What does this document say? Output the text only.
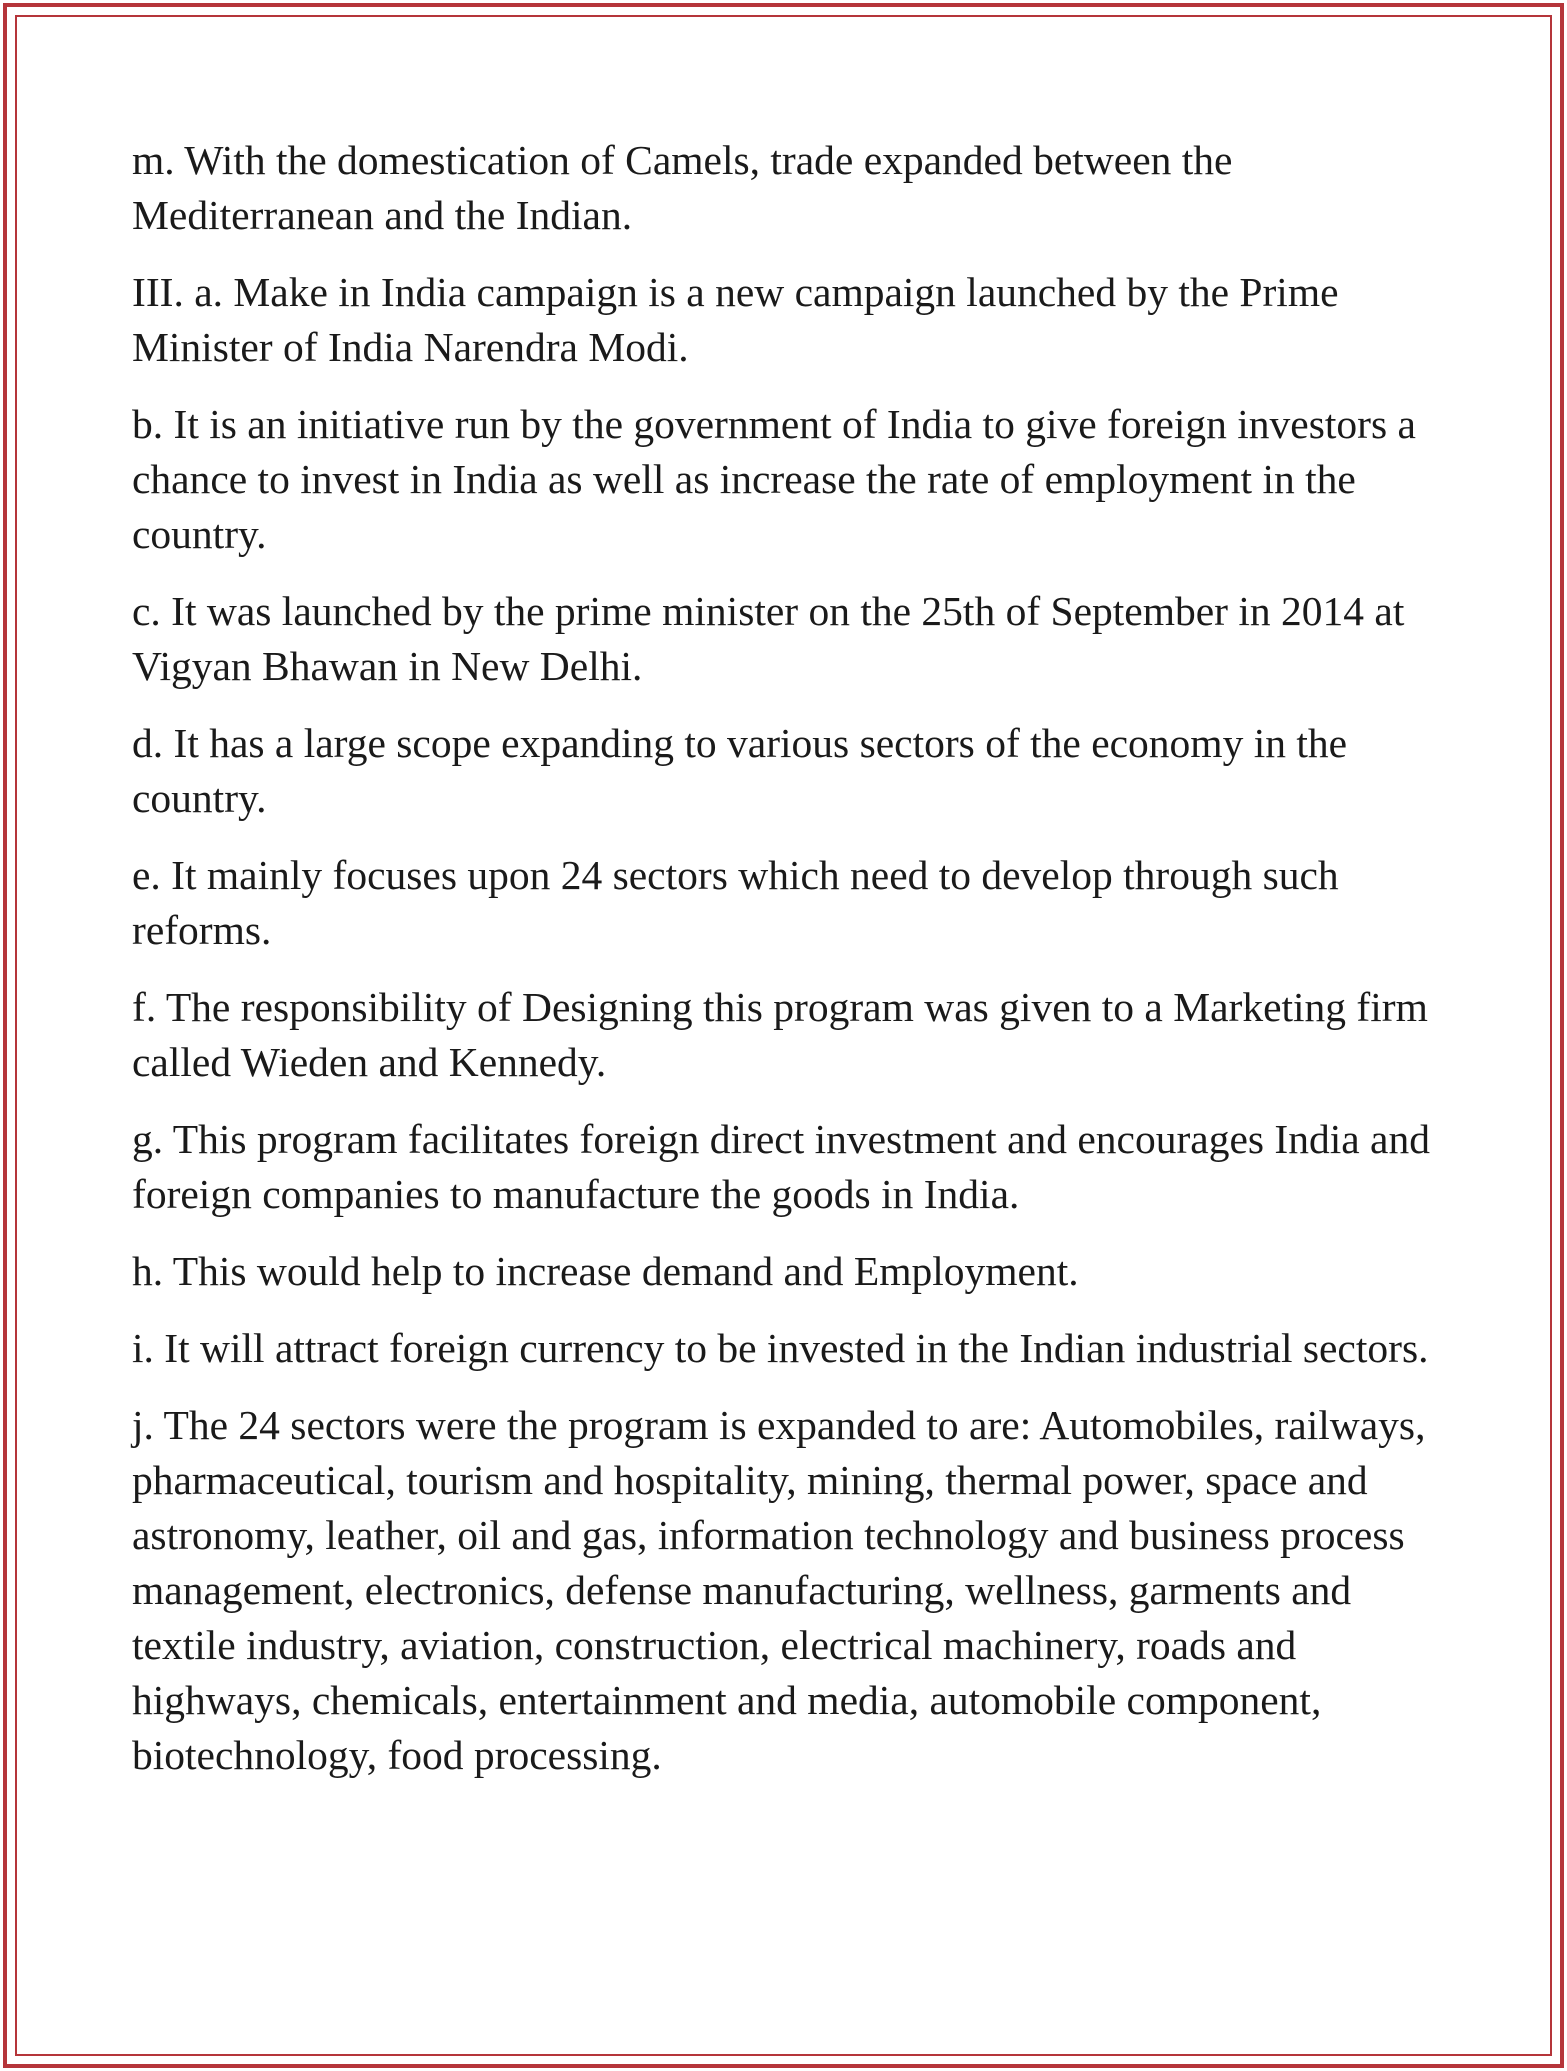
m. With the domestication of Camels, trade expanded between the Mediterranean and the Indian.

III. a. Make in India campaign is a new campaign launched by the Prime Minister of India Narendra Modi.

b. It is an initiative run by the government of India to give foreign investors a chance to invest in India as well as increase the rate of employment in the country.

c. It was launched by the prime minister on the 25th of September in 2014 at Vigyan Bhawan in New Delhi.

d. It has a large scope expanding to various sectors of the economy in the country.

e. It mainly focuses upon 24 sectors which need to develop through such reforms.

f. The responsibility of Designing this program was given to a Marketing firm called Wieden and Kennedy.

g. This program facilitates foreign direct investment and encourages India and foreign companies to manufacture the goods in India.

h. This would help to increase demand and Employment.

i. It will attract foreign currency to be invested in the Indian industrial sectors.

j. The 24 sectors were the program is expanded to are: Automobiles, railways, pharmaceutical, tourism and hospitality, mining, thermal power, space and astronomy, leather, oil and gas, information technology and business process management, electronics, defense manufacturing, wellness, garments and textile industry, aviation, construction, electrical machinery, roads and highways, chemicals, entertainment and media, automobile component, biotechnology, food processing.
